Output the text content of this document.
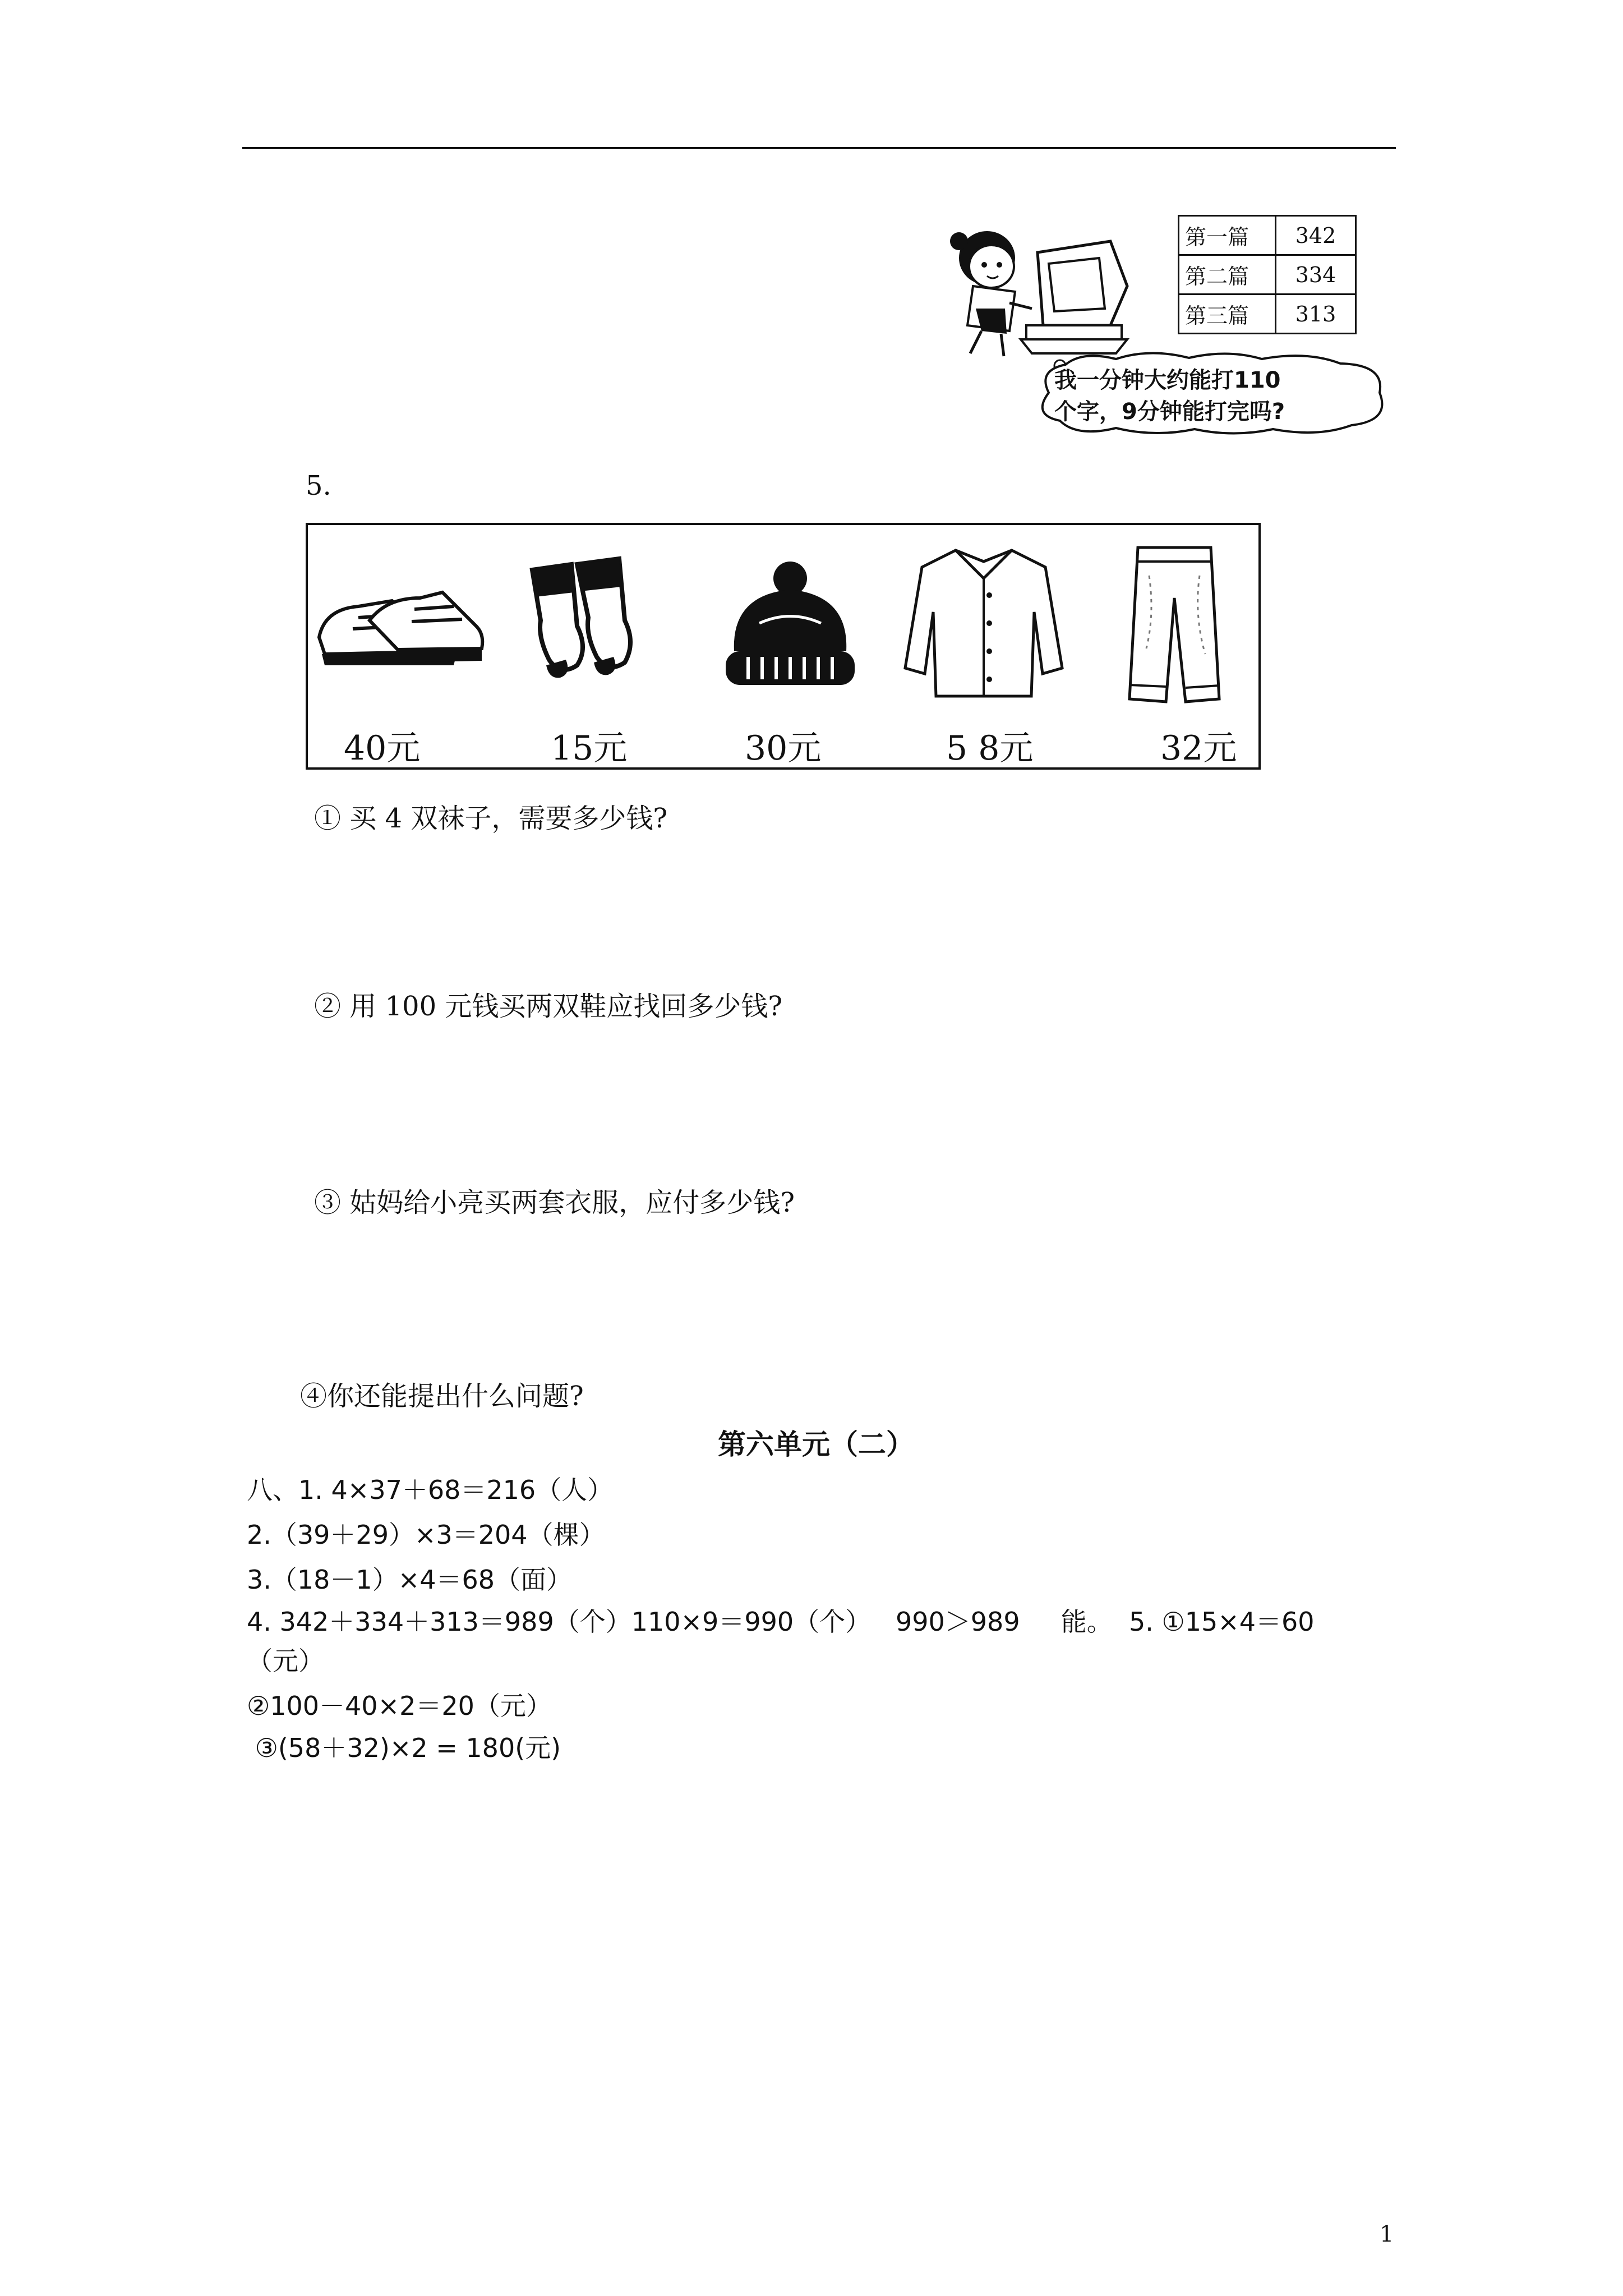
第一篇	342
第二篇	334
第三篇	313
我一分钟大约能打110
个字，9分钟能打完吗?
5.
40元	15元	30元	5 8元	32元
① 买 4 双袜子，需要多少钱?
② 用 100 元钱买两双鞋应找回多少钱?
③ 姑妈给小亮买两套衣服，应付多少钱?
④你还能提出什么问题?
第六单元（二）
八、1. 4×37＋68＝216（人）
2.（39＋29）×3＝204（棵）
3.（18－1）×4＝68（面）
4. 342＋334＋313＝989（个）110×9＝990（个）   990＞989     能。  5. ①15×4＝60
（元）
②100－40×2＝20（元）
③(58＋32)×2 = 180(元)
1
